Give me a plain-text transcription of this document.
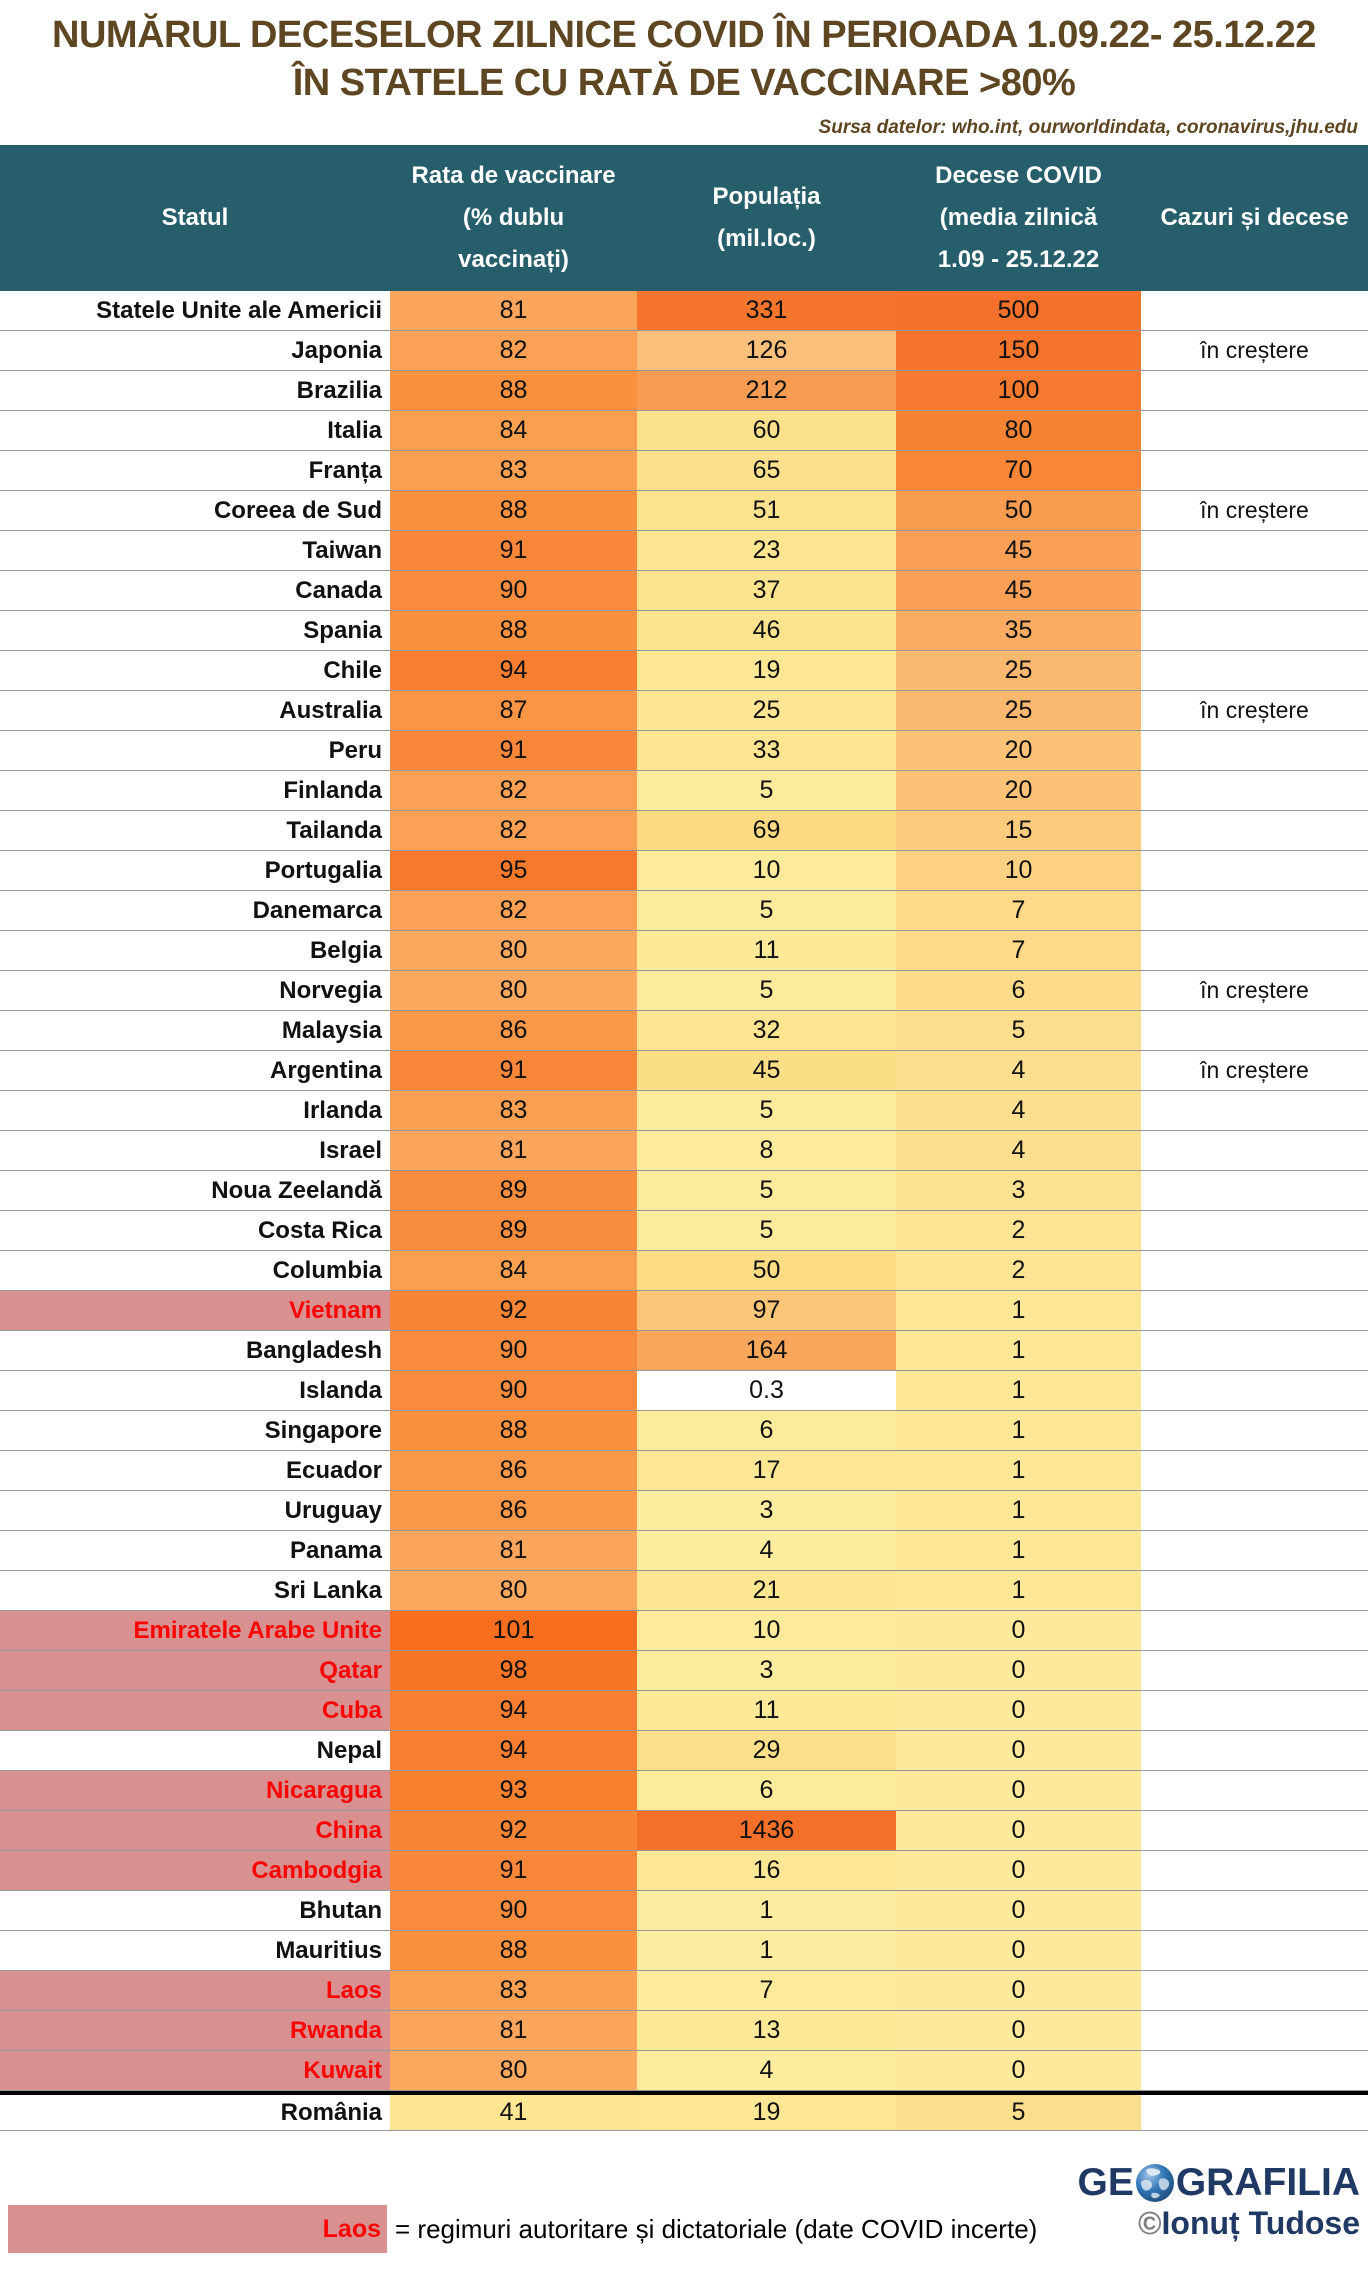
NUMĂRUL DECESELOR ZILNICE COVID ÎN PERIOADA 1.09.22- 25.12.22
ÎN STATELE CU RATĂ DE VACCINARE >80%
Sursa datelor: who.int, ourworldindata, coronavirus,jhu.edu
Statul
Rata de vaccinare
(% dublu
vaccinați)
Populația
(mil.loc.)
Decese COVID
(media zilnică
1.09 - 25.12.22
Cazuri și decese
Statele Unite ale Americii	81	331	500
Japonia	82	126	150	în creștere
Brazilia	88	212	100
Italia	84	60	80
Franța	83	65	70
Coreea de Sud	88	51	50	în creștere
Taiwan	91	23	45
Canada	90	37	45
Spania	88	46	35
Chile	94	19	25
Australia	87	25	25	în creștere
Peru	91	33	20
Finlanda	82	5	20
Tailanda	82	69	15
Portugalia	95	10	10
Danemarca	82	5	7
Belgia	80	11	7
Norvegia	80	5	6	în creștere
Malaysia	86	32	5
Argentina	91	45	4	în creștere
Irlanda	83	5	4
Israel	81	8	4
Noua Zeelandă	89	5	3
Costa Rica	89	5	2
Columbia	84	50	2
Vietnam	92	97	1
Bangladesh	90	164	1
Islanda	90	0.3	1
Singapore	88	6	1
Ecuador	86	17	1
Uruguay	86	3	1
Panama	81	4	1
Sri Lanka	80	21	1
Emiratele Arabe Unite	101	10	0
Qatar	98	3	0
Cuba	94	11	0
Nepal	94	29	0
Nicaragua	93	6	0
China	92	1436	0
Cambodgia	91	16	0
Bhutan	90	1	0
Mauritius	88	1	0
Laos	83	7	0
Rwanda	81	13	0
Kuwait	80	4	0
România	41	19	5
Laos = regimuri autoritare și dictatoriale (date COVID incerte)
GE GRAFILIA
©Ionuț Tudose
